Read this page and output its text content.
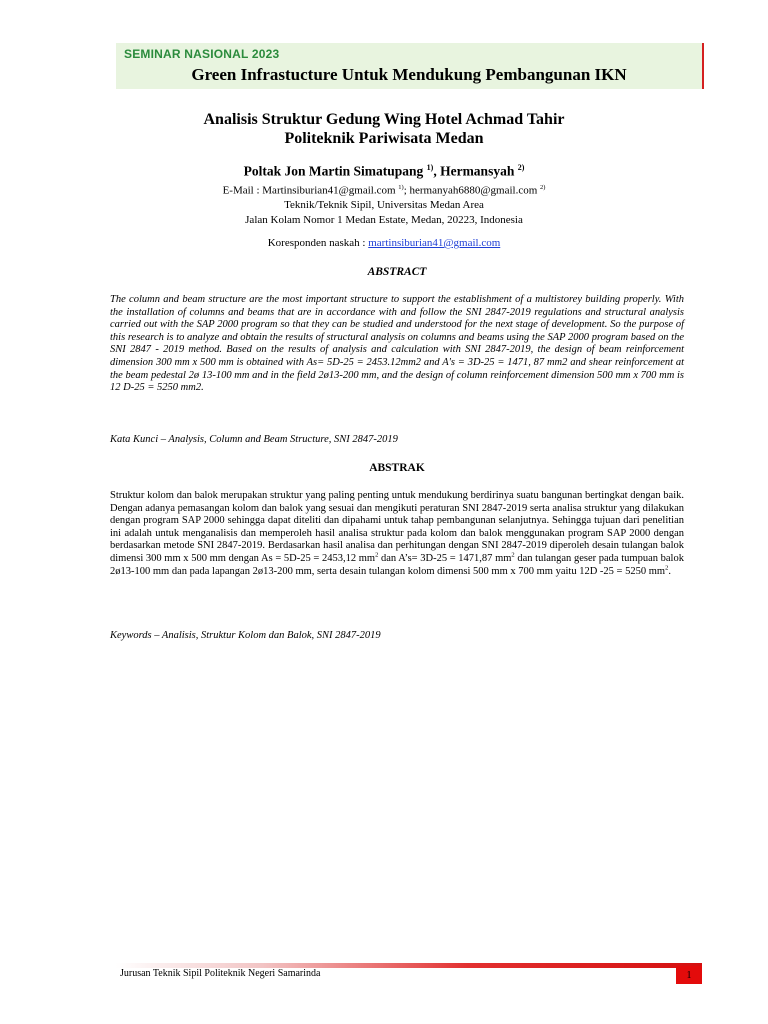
SEMINAR NASIONAL 2023
Green Infrastucture Untuk Mendukung Pembangunan IKN
Analisis Struktur Gedung Wing Hotel Achmad Tahir
Politeknik Pariwisata Medan
Poltak Jon Martin Simatupang $^{1)}$, Hermansyah $^{2)}$
E-Mail : Martinsiburian41@gmail.com $^{1)}$; hermanyah6880@gmail.com $^{2)}$
Teknik/Teknik Sipil, Universitas Medan Area
Jalan Kolam Nomor 1 Medan Estate, Medan, 20223, Indonesia
Koresponden naskah : martinsiburian41@gmail.com
ABSTRACT
The column and beam structure are the most important structure to support the establishment of a multistorey building properly. With the installation of columns and beams that are in accordance with and follow the SNI 2847-2019 regulations and structural analysis carried out with the SAP 2000 program so that they can be studied and understood for the next stage of development. So the purpose of this research is to analyze and obtain the results of structural analysis on columns and beams using the SAP 2000 program based on the SNI 2847 - 2019 method. Based on the results of analysis and calculation with SNI 2847-2019, the design of beam reinforcement dimension 300 mm x 500 mm is obtained with As= 5D-25 = 2453.12mm2 and A's = 3D-25 = 1471, 87 mm2 and shear reinforcement at the beam pedestal 2ø 13-100 mm and in the field 2ø13-200 mm, and the design of column reinforcement dimension 500 mm x 700 mm is 12 D-25 = 5250 mm2.
Kata Kunci – Analysis, Column and Beam Structure, SNI 2847-2019
ABSTRAK
Struktur kolom dan balok merupakan struktur yang paling penting untuk mendukung berdirinya suatu bangunan bertingkat dengan baik. Dengan adanya pemasangan kolom dan balok yang sesuai dan mengikuti peraturan SNI 2847-2019 serta analisa struktur yang dilakukan dengan program SAP 2000 sehingga dapat diteliti dan dipahami untuk tahap pembangunan selanjutnya. Sehingga tujuan dari penelitian ini adalah untuk menganalisis dan memperoleh hasil analisa struktur pada kolom dan balok menggunakan program SAP 2000 dengan berdasarkan metode SNI 2847-2019. Berdasarkan hasil analisa dan perhitungan dengan SNI 2847-2019 diperoleh desain tulangan balok dimensi 300 mm x 500 mm dengan As = 5D-25 = 2453,12 $mm^2$ dan A’s= 3D-25 = 1471,87 $mm^2$ dan tulangan geser pada tumpuan balok 2ø13-100 mm dan pada lapangan 2ø13-200 mm, serta desain tulangan kolom dimensi 500 mm x 700 mm yaitu 12D -25 = 5250 $mm^2$.
Keywords – Analisis, Struktur Kolom dan Balok, SNI 2847-2019
Jurusan Teknik Sipil Politeknik Negeri Samarinda	1
